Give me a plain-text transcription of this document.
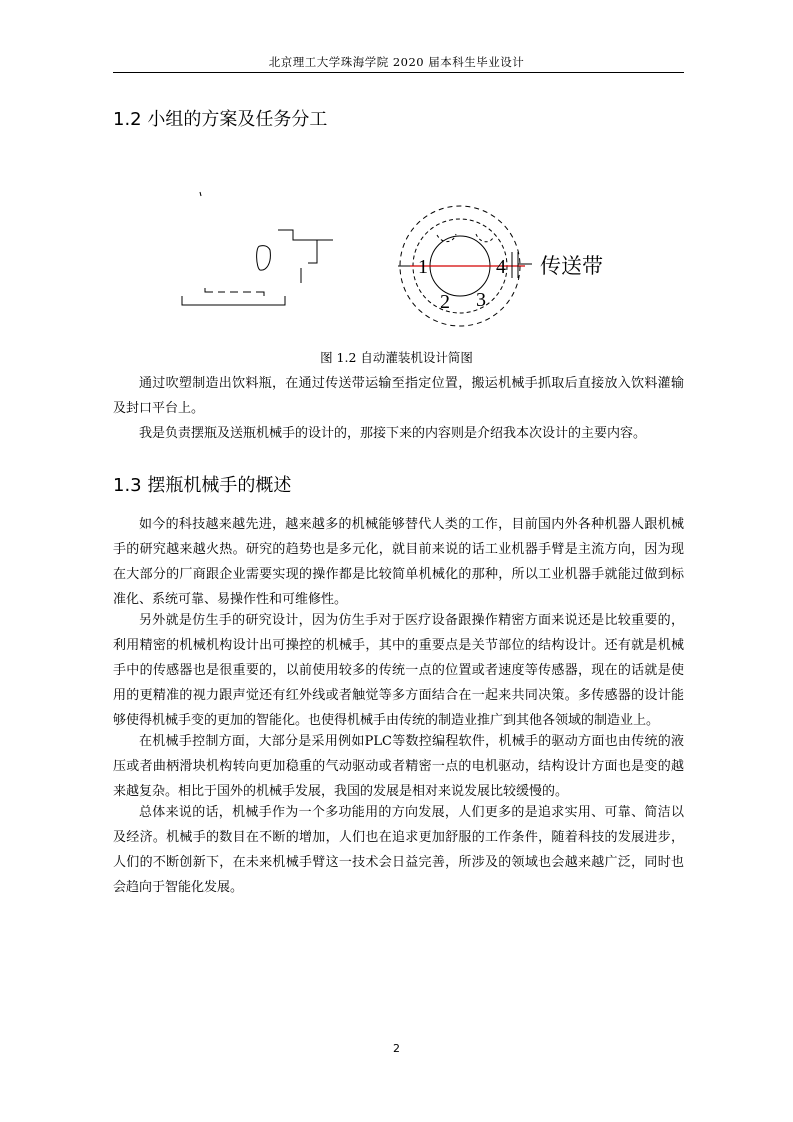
北京理工大学珠海学院 2020 届本科生毕业设计
1.2 小组的方案及任务分工
1
2 3
4 传送带
图 1.2 自动灌装机设计简图

通过吹塑制造出饮料瓶，在通过传送带运输至指定位置，搬运机械手抓取后直接放入饮料灌输及封口平台上。

我是负责摆瓶及送瓶机械手的设计的，那接下来的内容则是介绍我本次设计的主要内容。

1.3 摆瓶机械手的概述

如今的科技越来越先进，越来越多的机械能够替代人类的工作，目前国内外各种机器人跟机械手的研究越来越火热。研究的趋势也是多元化，就目前来说的话工业机器手臂是主流方向，因为现在大部分的厂商跟企业需要实现的操作都是比较简单机械化的那种，所以工业机器手就能过做到标准化、系统可靠、易操作性和可维修性。

另外就是仿生手的研究设计，因为仿生手对于医疗设备跟操作精密方面来说还是比较重要的，利用精密的机械机构设计出可操控的机械手，其中的重要点是关节部位的结构设计。还有就是机械手中的传感器也是很重要的，以前使用较多的传统一点的位置或者速度等传感器，现在的话就是使用的更精准的视力跟声觉还有红外线或者触觉等多方面结合在一起来共同决策。多传感器的设计能够使得机械手变的更加的智能化。也使得机械手由传统的制造业推广到其他各领域的制造业上。

在机械手控制方面，大部分是采用例如PLC等数控编程软件，机械手的驱动方面也由传统的液压或者曲柄滑块机构转向更加稳重的气动驱动或者精密一点的电机驱动，结构设计方面也是变的越来越复杂。相比于国外的机械手发展，我国的发展是相对来说发展比较缓慢的。

总体来说的话，机械手作为一个多功能用的方向发展，人们更多的是追求实用、可靠、简洁以及经济。机械手的数目在不断的增加，人们也在追求更加舒服的工作条件，随着科技的发展进步，人们的不断创新下，在未来机械手臂这一技术会日益完善，所涉及的领域也会越来越广泛，同时也会趋向于智能化发展。

2
